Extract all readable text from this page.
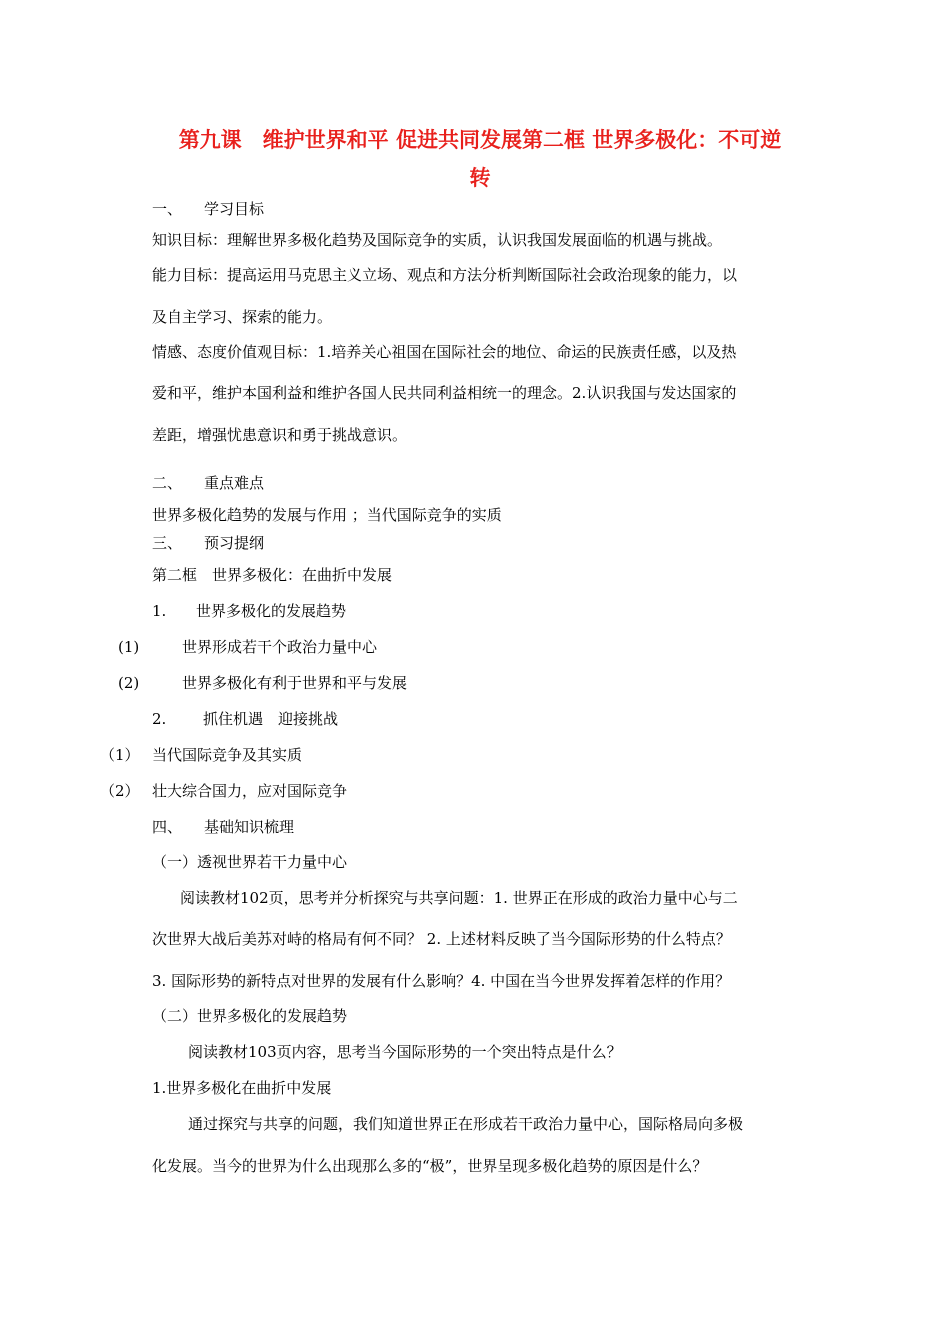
第九课　维护世界和平 促进共同发展第二框 世界多极化：不可逆
转
一、 学习目标
知识目标：理解世界多极化趋势及国际竞争的实质，认识我国发展面临的机遇与挑战。
能力目标：提高运用马克思主义立场、观点和方法分析判断国际社会政治现象的能力，以
及自主学习、探索的能力。
情感、态度价值观目标：1.培养关心祖国在国际社会的地位、命运的民族责任感，以及热
爱和平，维护本国利益和维护各国人民共同利益相统一的理念。2.认识我国与发达国家的
差距，增强忧患意识和勇于挑战意识。
二、 重点难点
世界多极化趋势的发展与作用 ；当代国际竞争的实质
三、 预习提纲
第二框　世界多极化：在曲折中发展
1. 世界多极化的发展趋势
(1)	世界形成若干个政治力量中心
(2)	世界多极化有利于世界和平与发展
2. 抓住机遇　迎接挑战
（1） 当代国际竞争及其实质
（2） 壮大综合国力，应对国际竞争
四、 基础知识梳理
（一）透视世界若干力量中心
阅读教材102页，思考并分析探究与共享问题：1. 世界正在形成的政治力量中心与二
次世界大战后美苏对峙的格局有何不同？ 2. 上述材料反映了当今国际形势的什么特点？
3. 国际形势的新特点对世界的发展有什么影响？4. 中国在当今世界发挥着怎样的作用？
（二）世界多极化的发展趋势
阅读教材103页内容，思考当今国际形势的一个突出特点是什么？
1.世界多极化在曲折中发展
通过探究与共享的问题，我们知道世界正在形成若干政治力量中心，国际格局向多极
化发展。当今的世界为什么出现那么多的“极”，世界呈现多极化趋势的原因是什么？
